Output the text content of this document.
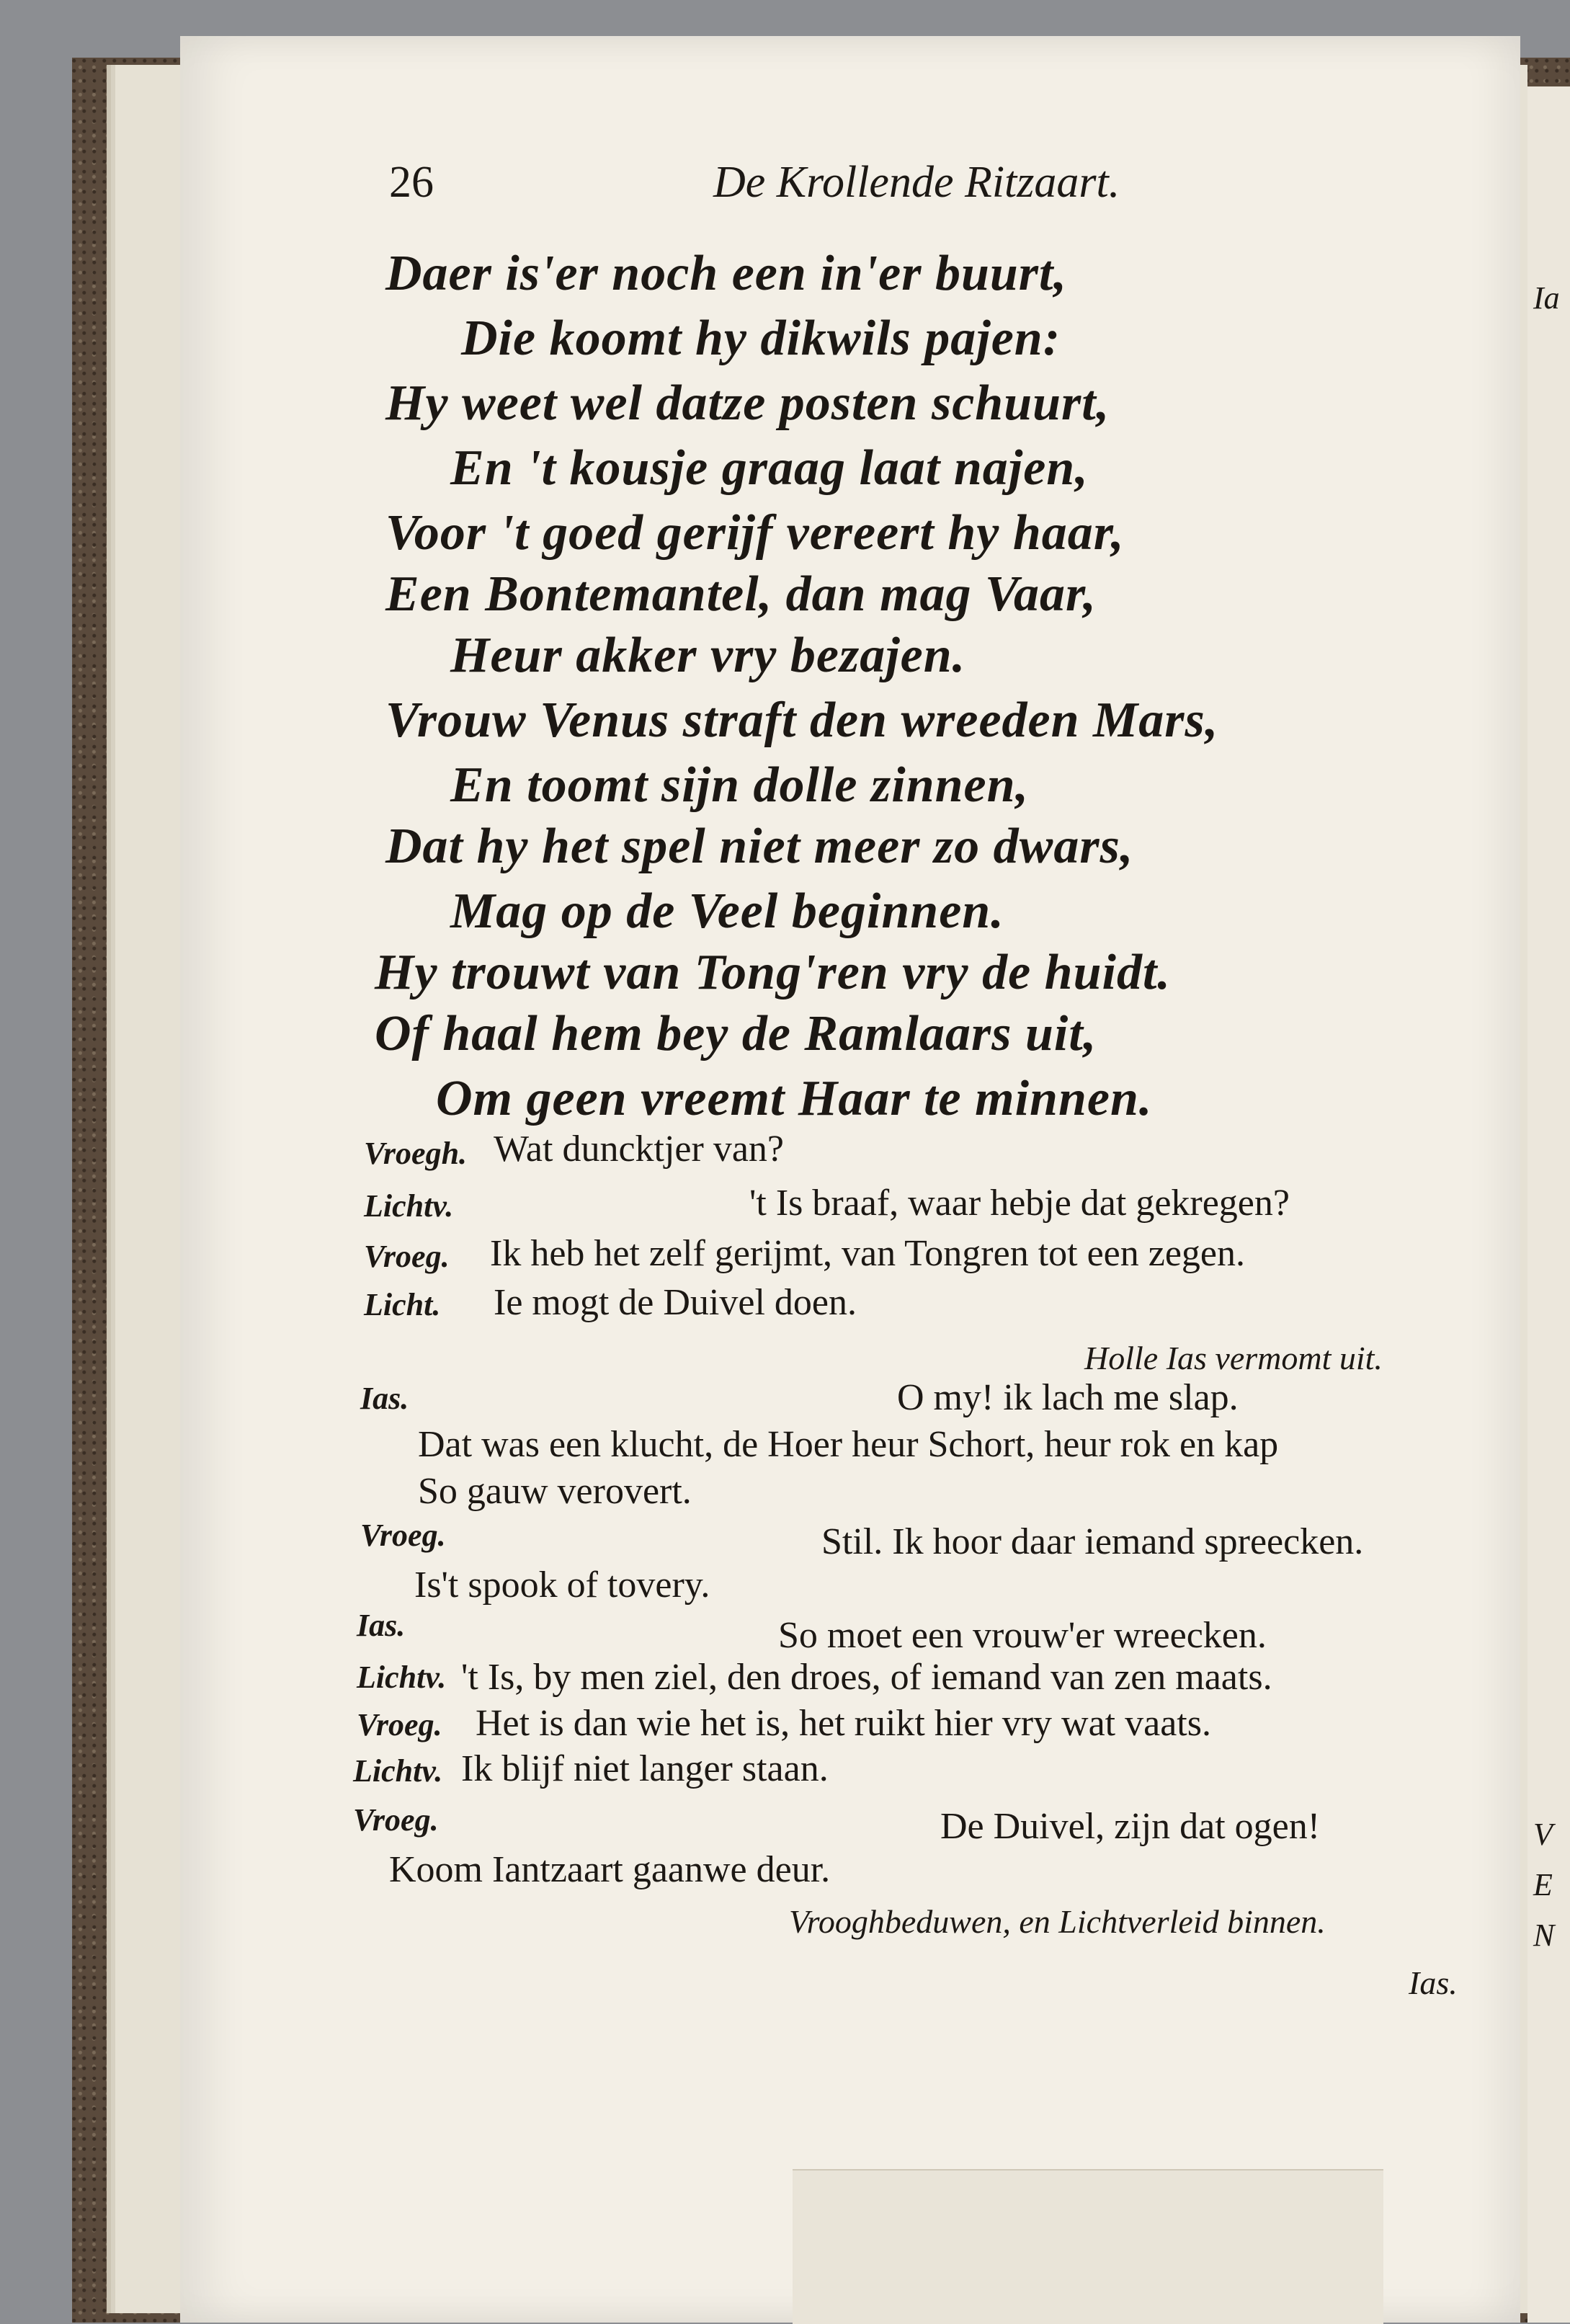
Ia
V
E
N
26	De Krollende Ritzaart.
Daer is'er noch een in'er buurt,
Die koomt hy dikwils pajen:
Hy weet wel datze posten schuurt,
En 't kousje graag laat najen,
Voor 't goed gerijf vereert hy haar,
Een Bontemantel, dan mag Vaar,
Heur akker vry bezajen.
Vrouw Venus straft den wreeden Mars,
En toomt sijn dolle zinnen,
Dat hy het spel niet meer zo dwars,
Mag op de Veel beginnen.
Hy trouwt van Tong'ren vry de huidt.
Of haal hem bey de Ramlaars uit,
Om geen vreemt Haar te minnen.
Vroegh. Wat duncktjer van?
Lichtv.	't Is braaf, waar hebje dat gekregen?
Vroeg. Ik heb het zelf gerijmt, van Tongren tot een zegen.
Licht. Ie mogt de Duivel doen.
Holle Ias vermomt uit.
Ias.	O my! ik lach me slap.
Dat was een klucht, de Hoer heur Schort, heur rok en kap
So gauw verovert.
Vroeg.	Stil. Ik hoor daar iemand spreecken.
Is't spook of tovery.
Ias.	So moet een vrouw'er wreecken.
Lichtv. 't Is, by men ziel, den droes, of iemand van zen maats.
Vroeg. Het is dan wie het is, het ruikt hier vry wat vaats.
Lichtv. Ik blijf niet langer staan.
Vroeg.	De Duivel, zijn dat ogen!
Koom Iantzaart gaanwe deur.
Vrooghbeduwen, en Lichtverleid binnen.
Ias.
